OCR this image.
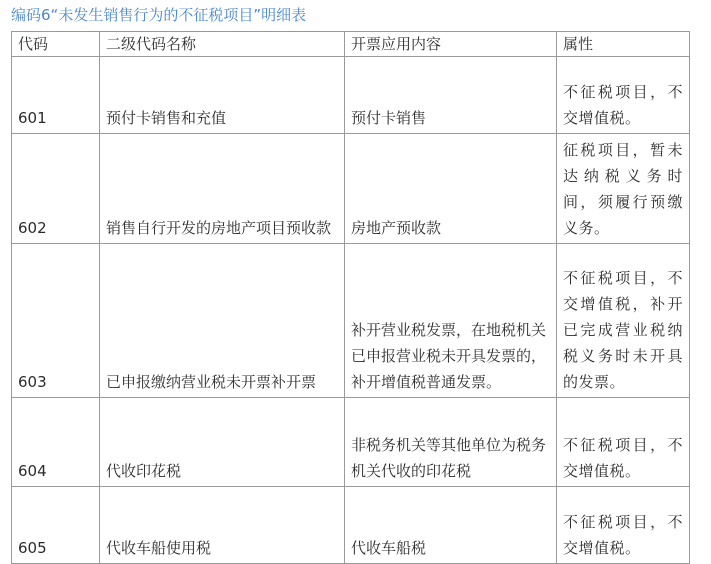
编码6“未发生销售行为的不征税项目”明细表
代码	二级代码名称	开票应用内容	属性
601	预付卡销售和充值	预付卡销售	不征税项目，不交增值税。
602	销售自行开发的房地产项目预收款	房地产预收款	征税项目，暂未达纳税义务时间，须履行预缴义务。
603	已申报缴纳营业税未开票补开票	补开营业税发票，在地税机关已申报营业税未开具发票的，补开增值税普通发票。	不征税项目，不交增值税，补开已完成营业税纳税义务时未开具的发票。
604	代收印花税	非税务机关等其他单位为税务机关代收的印花税	不征税项目，不交增值税。
605	代收车船使用税	代收车船税	不征税项目，不交增值税。
